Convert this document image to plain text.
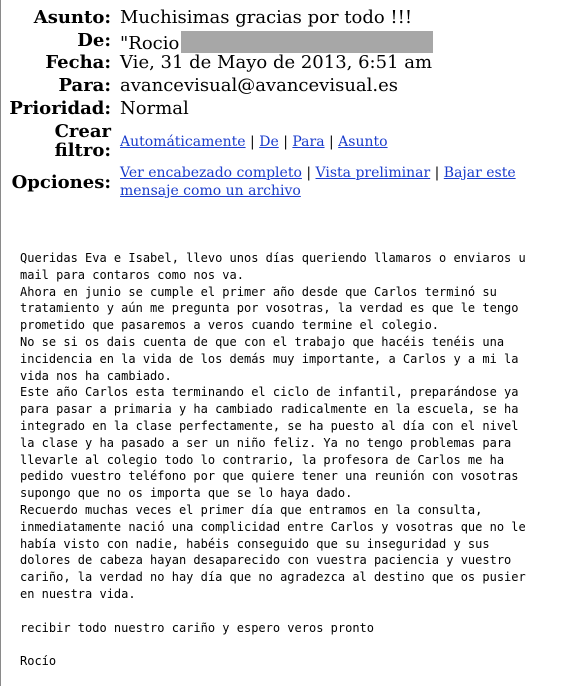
Asunto: Muchisimas gracias por todo !!!
De: "Rocio
Fecha: Vie, 31 de Mayo de 2013, 6:51 am
Para: avancevisual@avancevisual.es
Prioridad: Normal
Crear
filtro: Automáticamente | De | Para | Asunto
Opciones: Ver encabezado completo | Vista preliminar | Bajar este mensaje como un archivo
Queridas Eva e Isabel, llevo unos días queriendo llamaros o enviaros u
mail para contaros como nos va.
Ahora en junio se cumple el primer año desde que Carlos terminó su
tratamiento y aún me pregunta por vosotras, la verdad es que le tengo
prometido que pasaremos a veros cuando termine el colegio.
No se si os dais cuenta de que con el trabajo que hacéis tenéis una
incidencia en la vida de los demás muy importante, a Carlos y a mi la
vida nos ha cambiado.
Este año Carlos esta terminando el ciclo de infantil, preparándose ya
para pasar a primaria y ha cambiado radicalmente en la escuela, se ha
integrado en la clase perfectamente, se ha puesto al día con el nivel
la clase y ha pasado a ser un niño feliz. Ya no tengo problemas para
llevarle al colegio todo lo contrario, la profesora de Carlos me ha
pedido vuestro teléfono por que quiere tener una reunión con vosotras
supongo que no os importa que se lo haya dado.
Recuerdo muchas veces el primer día que entramos en la consulta,
inmediatamente nació una complicidad entre Carlos y vosotras que no le
había visto con nadie, habéis conseguido que su inseguridad y sus
dolores de cabeza hayan desaparecido con vuestra paciencia y vuestro
cariño, la verdad no hay día que no agradezca al destino que os pusier
en nuestra vida.

recibir todo nuestro cariño y espero veros pronto

Rocío
